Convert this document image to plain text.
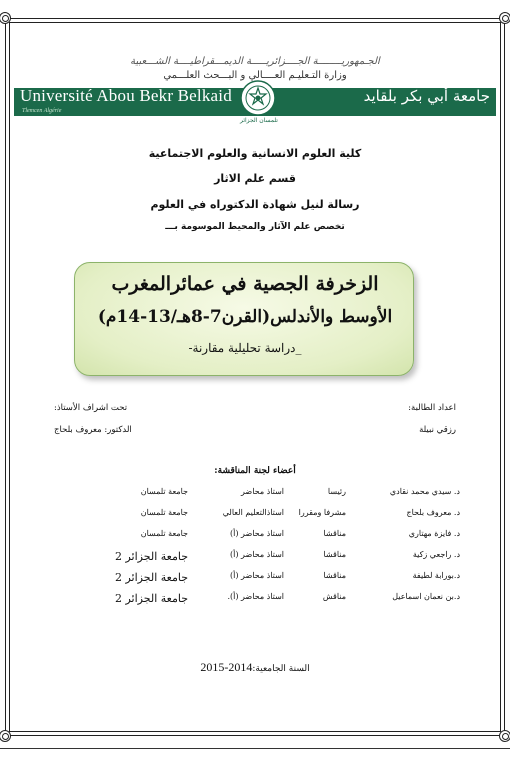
الجـمهوريــــــــة الجــــزائريـــــة الديمـــقراطيــــة الشـــعبية
وزارة التـعليـم العــــالي و البـــحث العلـــمي
Université Abou Bekr Belkaid
Tlemcen Algérie
جامعة أبي بكر بلقايد
تلمسان الجزائر
كلية العلوم الانسانية والعلوم الاجتماعية
قسم علم الاثار
رسالة لنيل شهادة الدكتوراه في العلوم
تخصص علم الآثار والمحيط الموسومة بـــ
الزخرفة الجصية في عمائرالمغرب
الأوسط والأندلس(القرن7-8هـ/13-14م)
_دراسة تحليلية مقارنة-
اعداد الطالبة:
رزقي نبيلة
تحت اشراف الأستاذ:
الدكتور: معروف بلحاج
أعضاء لجنة المناقشة:
د. سيدي محمد نقادي
رئيسا
استاذ محاضر
جامعة تلمسان
د. معروف بلحاج
مشرفا ومقررا
استاذالتعليم العالي
جامعة تلمسان
د. فايزة مهتاري
مناقشا
استاذ محاضر (أ)
جامعة تلمسان
د. راجعي زكية
مناقشا
استاذ محاضر (أ)
جامعة الجزائر 2
د.بورابة لطيفة
مناقشا
استاذ محاضر (أ)
جامعة الجزائر 2
د.بن نعمان اسماعيل
مناقش
استاذ محاضر (أ).
جامعة الجزائر 2
السنة الجامعية:2014-2015
